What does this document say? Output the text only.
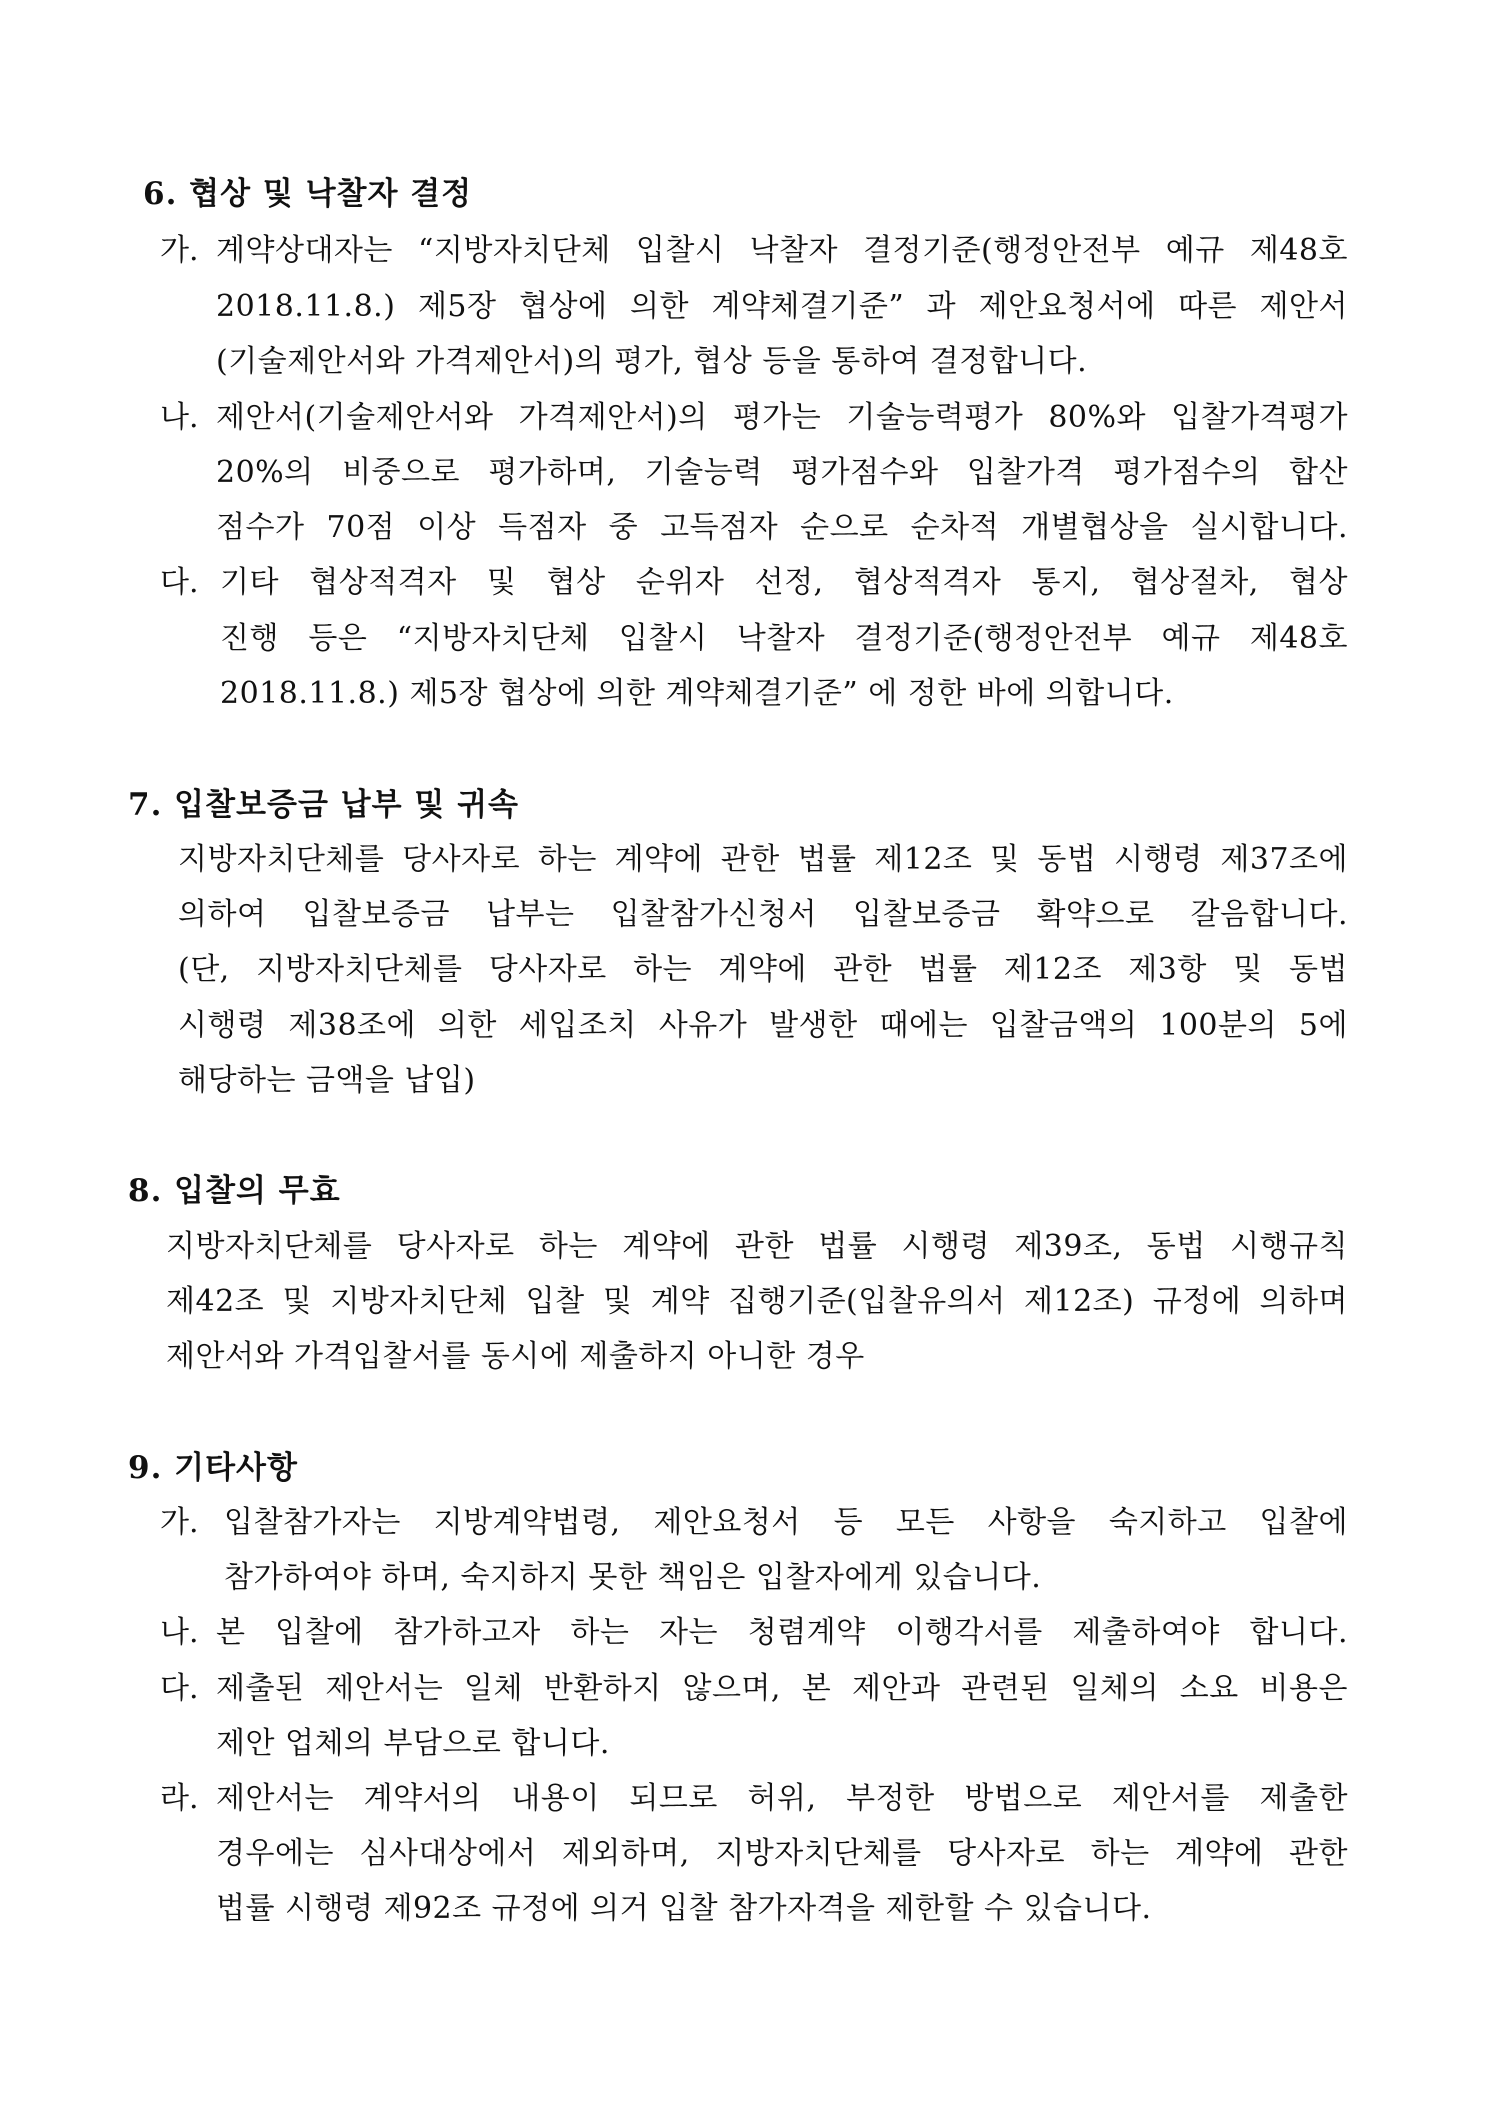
6. 협상 및 낙찰자 결정
가. 계약상대자는 “지방자치단체 입찰시 낙찰자 결정기준(행정안전부 예규 제48호
2018.11.8.) 제5장 협상에 의한 계약체결기준” 과 제안요청서에 따른 제안서
(기술제안서와 가격제안서)의 평가, 협상 등을 통하여 결정합니다.
나. 제안서(기술제안서와 가격제안서)의 평가는 기술능력평가 80%와 입찰가격평가
20%의 비중으로 평가하며, 기술능력 평가점수와 입찰가격 평가점수의 합산
점수가 70점 이상 득점자 중 고득점자 순으로 순차적 개별협상을 실시합니다.
다. 기타 협상적격자 및 협상 순위자 선정, 협상적격자 통지, 협상절차, 협상
진행 등은 “지방자치단체 입찰시 낙찰자 결정기준(행정안전부 예규 제48호
2018.11.8.) 제5장 협상에 의한 계약체결기준” 에 정한 바에 의합니다.
7. 입찰보증금 납부 및 귀속
지방자치단체를 당사자로 하는 계약에 관한 법률 제12조 및 동법 시행령 제37조에
의하여 입찰보증금 납부는 입찰참가신청서 입찰보증금 확약으로 갈음합니다.
(단, 지방자치단체를 당사자로 하는 계약에 관한 법률 제12조 제3항 및 동법
시행령 제38조에 의한 세입조치 사유가 발생한 때에는 입찰금액의 100분의 5에
해당하는 금액을 납입)
8. 입찰의 무효
지방자치단체를 당사자로 하는 계약에 관한 법률 시행령 제39조, 동법 시행규칙
제42조 및 지방자치단체 입찰 및 계약 집행기준(입찰유의서 제12조) 규정에 의하며
제안서와 가격입찰서를 동시에 제출하지 아니한 경우
9. 기타사항
가. 입찰참가자는 지방계약법령, 제안요청서 등 모든 사항을 숙지하고 입찰에
참가하여야 하며, 숙지하지 못한 책임은 입찰자에게 있습니다.
나. 본 입찰에 참가하고자 하는 자는 청렴계약 이행각서를 제출하여야 합니다.
다. 제출된 제안서는 일체 반환하지 않으며, 본 제안과 관련된 일체의 소요 비용은
제안 업체의 부담으로 합니다.
라. 제안서는 계약서의 내용이 되므로 허위, 부정한 방법으로 제안서를 제출한
경우에는 심사대상에서 제외하며, 지방자치단체를 당사자로 하는 계약에 관한
법률 시행령 제92조 규정에 의거 입찰 참가자격을 제한할 수 있습니다.
